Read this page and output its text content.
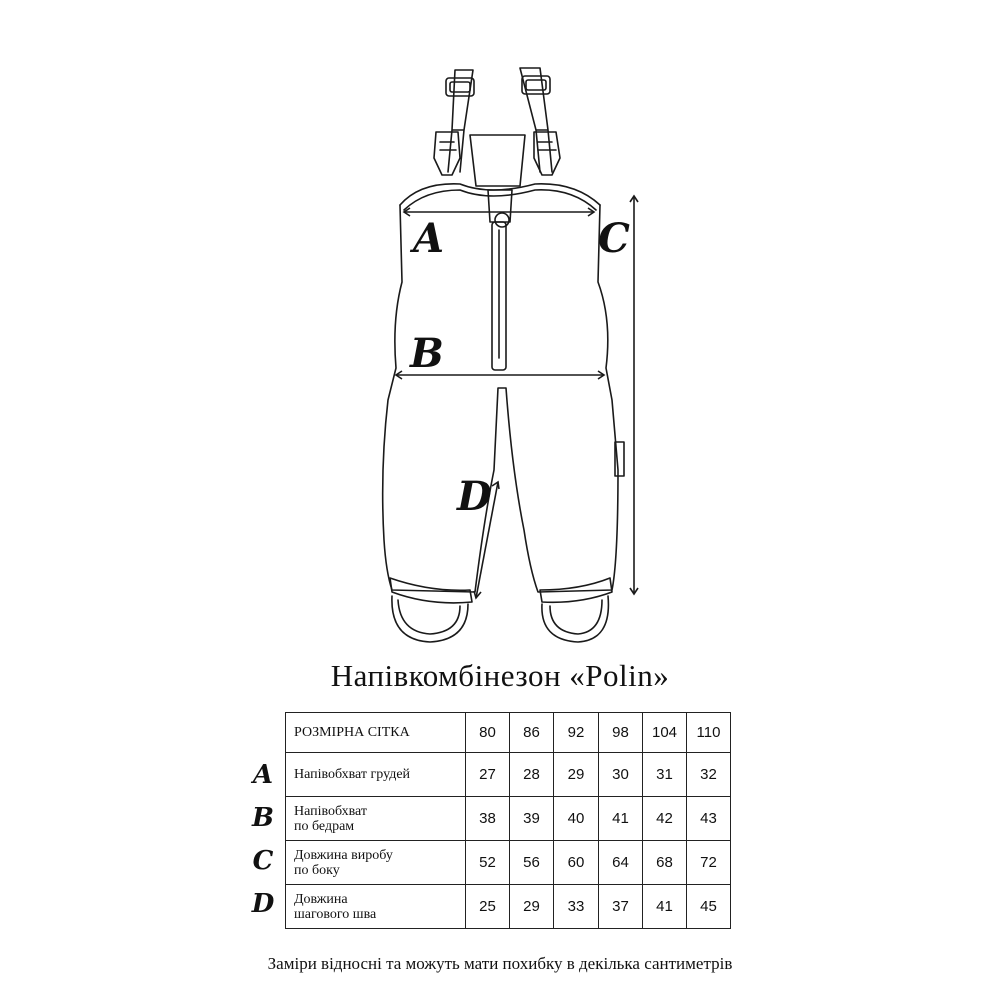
A
B
C
D
Напівкомбінезон «Polin»
A
B
C
D
РОЗМІРНА СІТКА	80	86	92	98	104	110
Напівобхват грудей	27	28	29	30	31	32
Напівобхват
по бедрам	38	39	40	41	42	43
Довжина виробу
по боку	52	56	60	64	68	72
Довжина
шагового шва	25	29	33	37	41	45
Заміри відносні та можуть мати похибку в декілька сантиметрів
